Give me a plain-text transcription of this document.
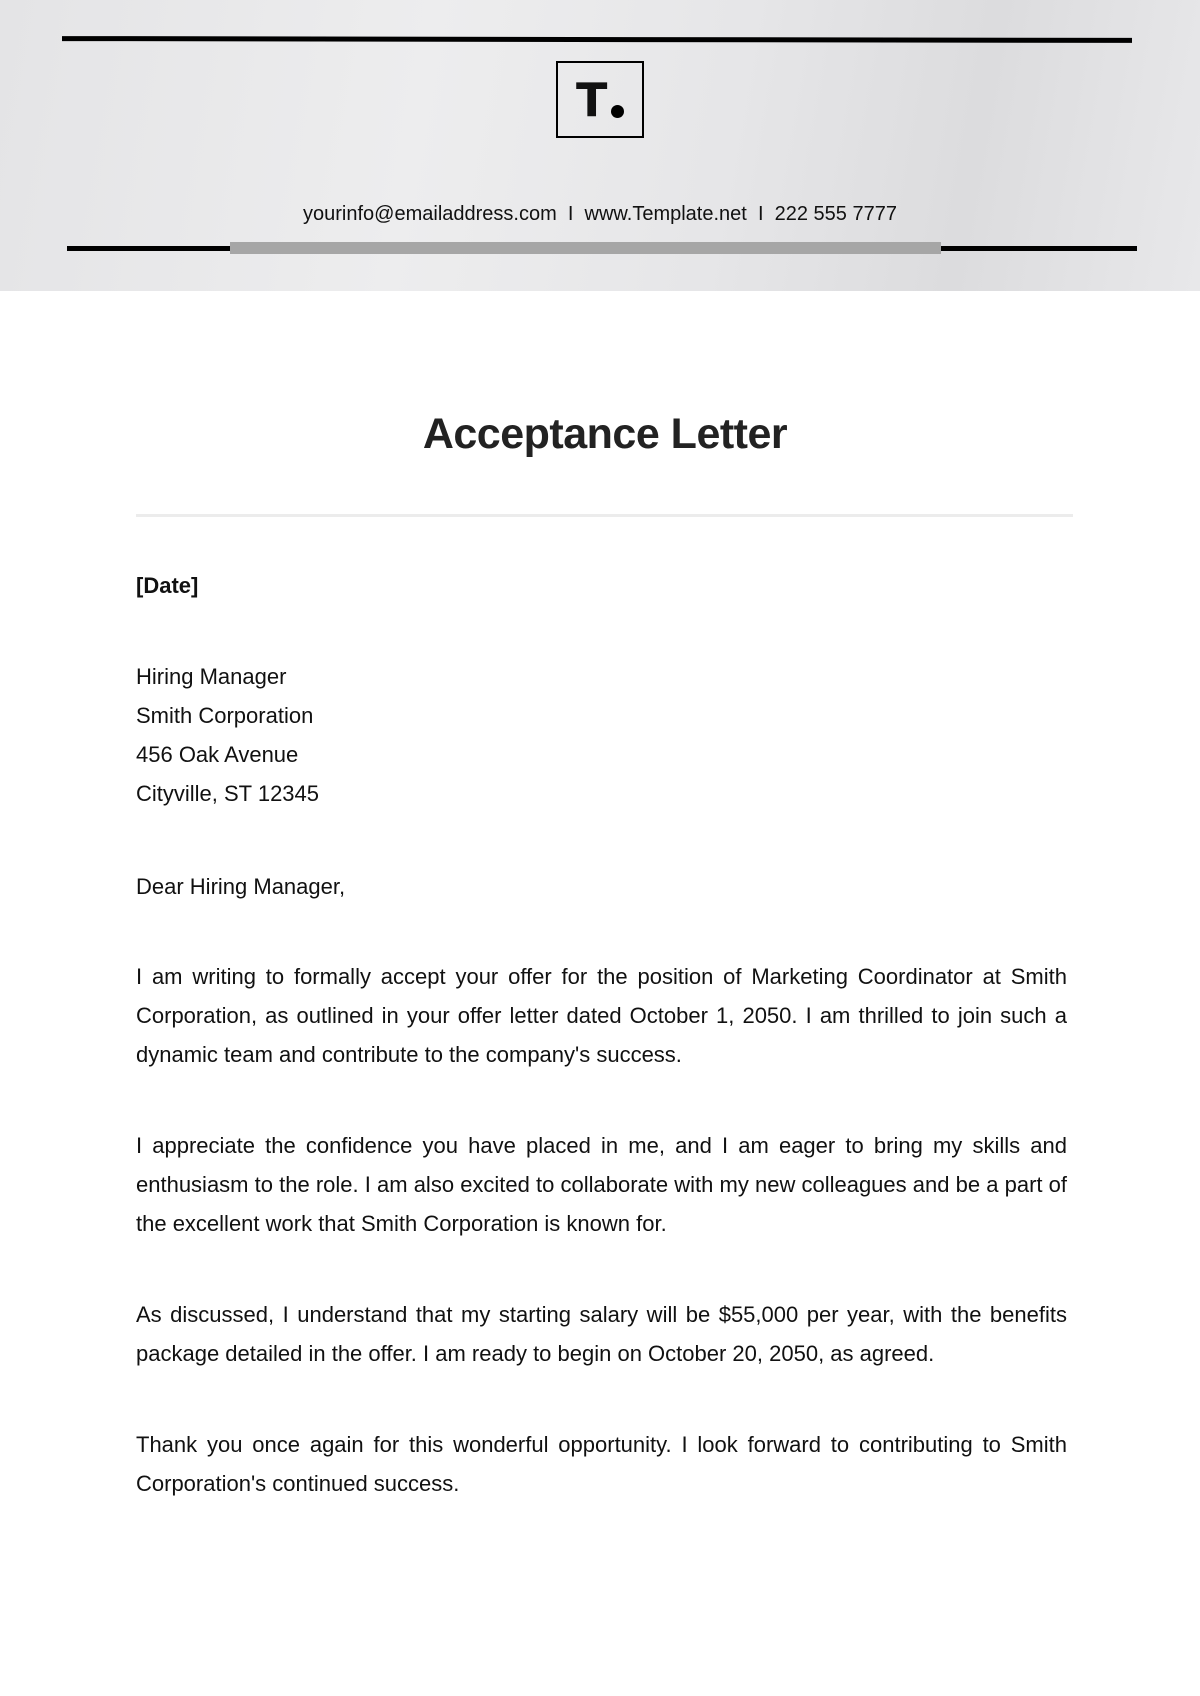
T
yourinfo@emailaddress.com  I  www.Template.net  I  222 555 7777
Acceptance Letter
[Date]
Hiring Manager
Smith Corporation
456 Oak Avenue
Cityville, ST 12345
Dear Hiring Manager,
I am writing to formally accept your offer for the position of Marketing Coordinator at Smith Corporation, as outlined in your offer letter dated October 1, 2050. I am thrilled to join such a dynamic team and contribute to the company's success.
I appreciate the confidence you have placed in me, and I am eager to bring my skills and enthusiasm to the role. I am also excited to collaborate with my new colleagues and be a part of the excellent work that Smith Corporation is known for.
As discussed, I understand that my starting salary will be $55,000 per year, with the benefits package detailed in the offer. I am ready to begin on October 20, 2050, as agreed.
Thank you once again for this wonderful opportunity. I look forward to contributing to Smith Corporation's continued success.
